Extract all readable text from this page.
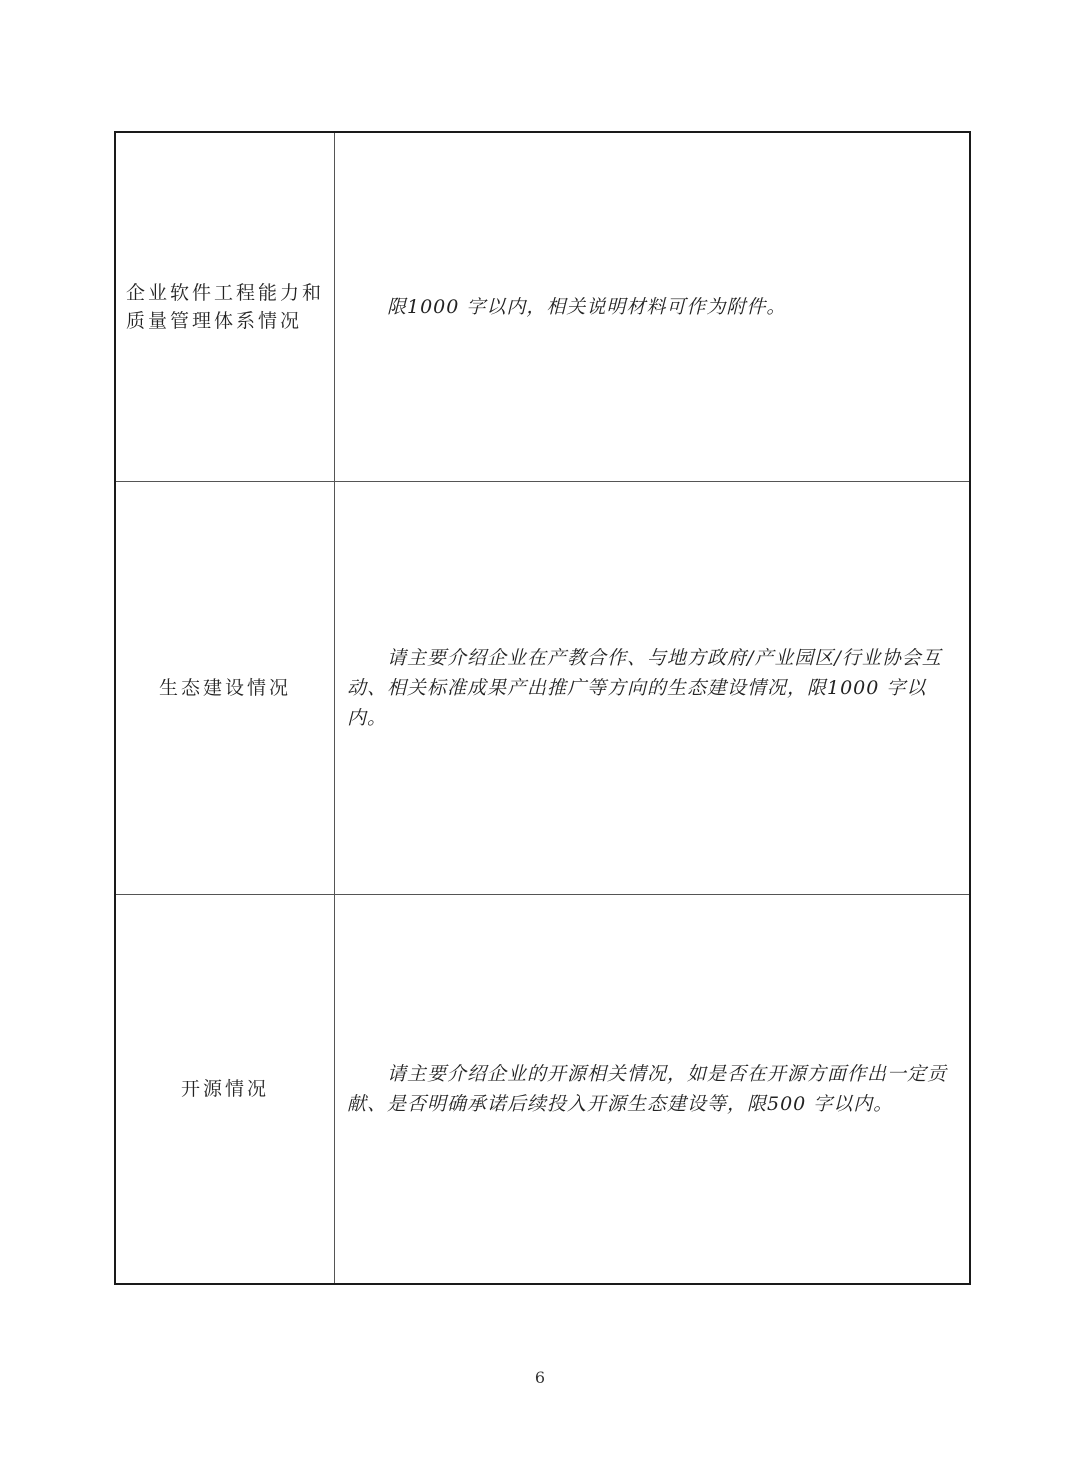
企业软件工程能力和质量管理体系情况
限1000 字以内，相关说明材料可作为附件。
生态建设情况
请主要介绍企业在产教合作、与地方政府/产业园区/行业协会互动、相关标准成果产出推广等方向的生态建设情况，限1000 字以内。
开源情况
请主要介绍企业的开源相关情况，如是否在开源方面作出一定贡献、是否明确承诺后续投入开源生态建设等，限500 字以内。
6
